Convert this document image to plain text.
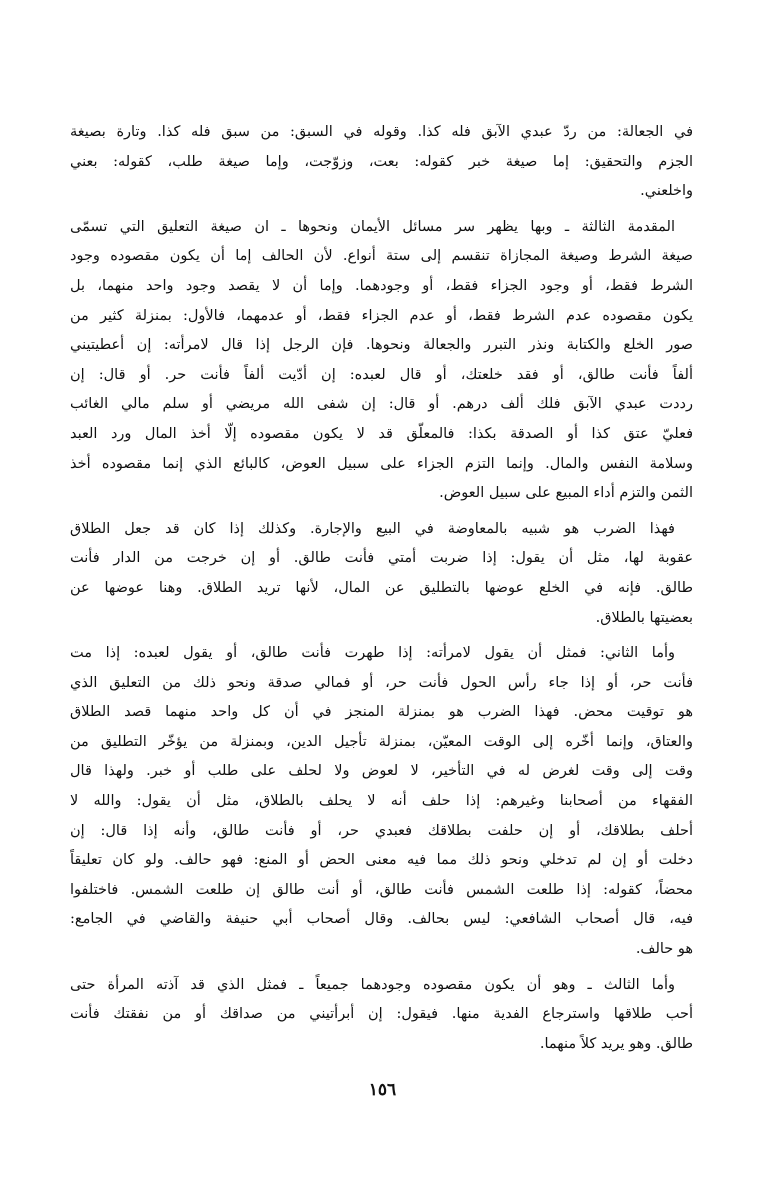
في الجعالة: من ردّ عبدي الآبق فله كذا. وقوله في السبق: من سبق فله كذا. وتارة بصيغة
الجزم والتحقيق: إما صيغة خبر كقوله: بعت، وزوّجت، وإما صيغة طلب، كقوله: بعني
واخلعني.
المقدمة الثالثة ـ وبها يظهر سر مسائل الأيمان ونحوها ـ ان صيغة التعليق التي تسمّى
صيغة الشرط وصيغة المجازاة تنقسم إلى ستة أنواع. لأن الحالف إما أن يكون مقصوده وجود
الشرط فقط، أو وجود الجزاء فقط، أو وجودهما. وإما أن لا يقصد وجود واحد منهما، بل
يكون مقصوده عدم الشرط فقط، أو عدم الجزاء فقط، أو عدمهما، فالأول: بمنزلة كثير من
صور الخلع والكتابة ونذر التبرر والجعالة ونحوها. فإن الرجل إذا قال لامرأته: إن أعطيتيني
ألفاً فأنت طالق، أو فقد خلعتك، أو قال لعبده: إن أدّيت ألفاً فأنت حر. أو قال: إن
رددت عبدي الآبق فلك ألف درهم. أو قال: إن شفى الله مريضي أو سلم مالي الغائب
فعليّ عتق كذا أو الصدقة بكذا: فالمعلّق قد لا يكون مقصوده إلّا أخذ المال ورد العبد
وسلامة النفس والمال. وإنما التزم الجزاء على سبيل العوض، كالبائع الذي إنما مقصوده أخذ
الثمن والتزم أداء المبيع على سبيل العوض.
فهذا الضرب هو شبيه بالمعاوضة في البيع والإجارة. وكذلك إذا كان قد جعل الطلاق
عقوبة لها، مثل أن يقول: إذا ضربت أمتي فأنت طالق. أو إن خرجت من الدار فأنت
طالق. فإنه في الخلع عوضها بالتطليق عن المال، لأنها تريد الطلاق. وهنا عوضها عن
بعضيتها بالطلاق.
وأما الثاني: فمثل أن يقول لامرأته: إذا طهرت فأنت طالق، أو يقول لعبده: إذا مت
فأنت حر، أو إذا جاء رأس الحول فأنت حر، أو فمالي صدقة ونحو ذلك من التعليق الذي
هو توقيت محض. فهذا الضرب هو بمنزلة المنجز في أن كل واحد منهما قصد الطلاق
والعتاق، وإنما أخّره إلى الوقت المعيّن، بمنزلة تأجيل الدين، وبمنزلة من يؤخّر التطليق من
وقت إلى وقت لغرض له في التأخير، لا لعوض ولا لحلف على طلب أو خبر. ولهذا قال
الفقهاء من أصحابنا وغيرهم: إذا حلف أنه لا يحلف بالطلاق، مثل أن يقول: والله لا
أحلف بطلاقك، أو إن حلفت بطلاقك فعبدي حر، أو فأنت طالق، وأنه إذا قال: إن
دخلت أو إن لم تدخلي ونحو ذلك مما فيه معنى الحض أو المنع: فهو حالف. ولو كان تعليقاً
محضاً، كقوله: إذا طلعت الشمس فأنت طالق، أو أنت طالق إن طلعت الشمس. فاختلفوا
فيه، قال أصحاب الشافعي: ليس بحالف. وقال أصحاب أبي حنيفة والقاضي في الجامع:
هو حالف.
وأما الثالث ـ وهو أن يكون مقصوده وجودهما جميعاً ـ فمثل الذي قد آذته المرأة حتى
أحب طلاقها واسترجاع الفدية منها. فيقول: إن أبرأتيني من صداقك أو من نفقتك فأنت
طالق. وهو يريد كلاً منهما.
١٥٦
